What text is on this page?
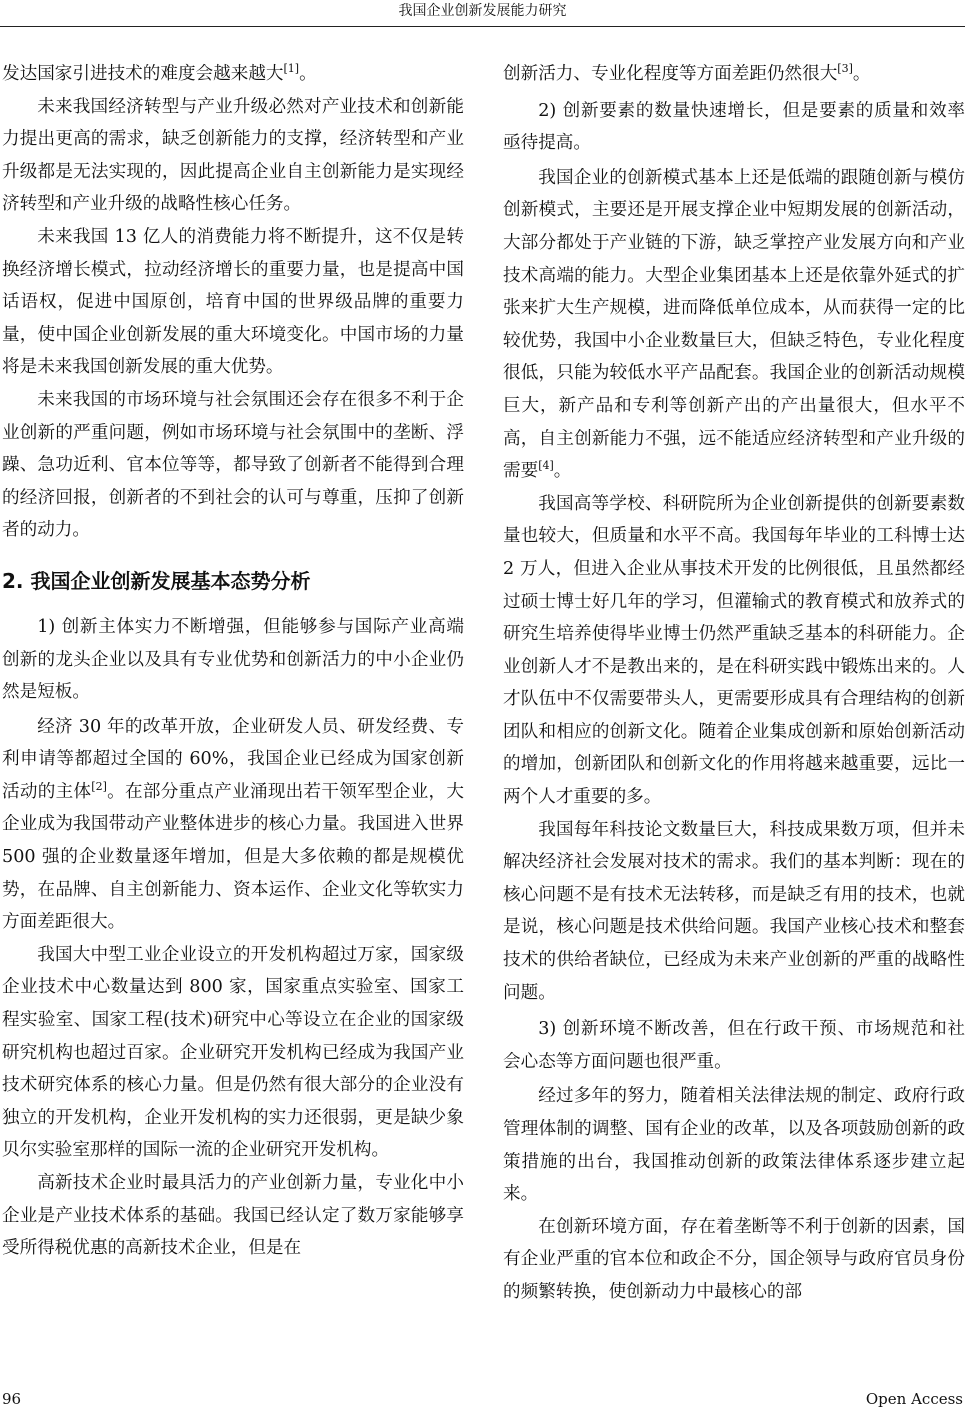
我国企业创新发展能力研究

发达国家引进技术的难度会越来越大[1]。

未来我国经济转型与产业升级必然对产业技术和创新能力提出更高的需求，缺乏创新能力的支撑，经济转型和产业升级都是无法实现的，因此提高企业自主创新能力是实现经济转型和产业升级的战略性核心任务。

未来我国 13 亿人的消费能力将不断提升，这不仅是转换经济增长模式，拉动经济增长的重要力量，也是提高中国话语权，促进中国原创，培育中国的世界级品牌的重要力量，使中国企业创新发展的重大环境变化。中国市场的力量将是未来我国创新发展的重大优势。

未来我国的市场环境与社会氛围还会存在很多不利于企业创新的严重问题，例如市场环境与社会氛围中的垄断、浮躁、急功近利、官本位等等，都导致了创新者不能得到合理的经济回报，创新者的不到社会的认可与尊重，压抑了创新者的动力。

2. 我国企业创新发展基本态势分析

1) 创新主体实力不断增强，但能够参与国际产业高端创新的龙头企业以及具有专业优势和创新活力的中小企业仍然是短板。

经济 30 年的改革开放，企业研发人员、研发经费、专利申请等都超过全国的 60%，我国企业已经成为国家创新活动的主体[2]。在部分重点产业涌现出若干领军型企业，大企业成为我国带动产业整体进步的核心力量。我国进入世界 500 强的企业数量逐年增加，但是大多依赖的都是规模优势，在品牌、自主创新能力、资本运作、企业文化等软实力方面差距很大。

我国大中型工业企业设立的开发机构超过万家，国家级企业技术中心数量达到 800 家，国家重点实验室、国家工程实验室、国家工程(技术)研究中心等设立在企业的国家级研究机构也超过百家。企业研究开发机构已经成为我国产业技术研究体系的核心力量。但是仍然有很大部分的企业没有独立的开发机构，企业开发机构的实力还很弱，更是缺少象贝尔实验室那样的国际一流的企业研究开发机构。

高新技术企业时最具活力的产业创新力量，专业化中小企业是产业技术体系的基础。我国已经认定了数万家能够享受所得税优惠的高新技术企业，但是在

创新活力、专业化程度等方面差距仍然很大[3]。

2) 创新要素的数量快速增长，但是要素的质量和效率亟待提高。

我国企业的创新模式基本上还是低端的跟随创新与模仿创新模式，主要还是开展支撑企业中短期发展的创新活动，大部分都处于产业链的下游，缺乏掌控产业发展方向和产业技术高端的能力。大型企业集团基本上还是依靠外延式的扩张来扩大生产规模，进而降低单位成本，从而获得一定的比较优势，我国中小企业数量巨大，但缺乏特色，专业化程度很低，只能为较低水平产品配套。我国企业的创新活动规模巨大，新产品和专利等创新产出的产出量很大，但水平不高，自主创新能力不强，远不能适应经济转型和产业升级的需要[4]。

我国高等学校、科研院所为企业创新提供的创新要素数量也较大，但质量和水平不高。我国每年毕业的工科博士达 2 万人，但进入企业从事技术开发的比例很低，且虽然都经过硕士博士好几年的学习，但灌输式的教育模式和放养式的研究生培养使得毕业博士仍然严重缺乏基本的科研能力。企业创新人才不是教出来的，是在科研实践中锻炼出来的。人才队伍中不仅需要带头人，更需要形成具有合理结构的创新团队和相应的创新文化。随着企业集成创新和原始创新活动的增加，创新团队和创新文化的作用将越来越重要，远比一两个人才重要的多。

我国每年科技论文数量巨大，科技成果数万项，但并未解决经济社会发展对技术的需求。我们的基本判断：现在的核心问题不是有技术无法转移，而是缺乏有用的技术，也就是说，核心问题是技术供给问题。我国产业核心技术和整套技术的供给者缺位，已经成为未来产业创新的严重的战略性问题。

3) 创新环境不断改善，但在行政干预、市场规范和社会心态等方面问题也很严重。

经过多年的努力，随着相关法律法规的制定、政府行政管理体制的调整、国有企业的改革，以及各项鼓励创新的政策措施的出台，我国推动创新的政策法律体系逐步建立起来。

在创新环境方面，存在着垄断等不利于创新的因素，国有企业严重的官本位和政企不分，国企领导与政府官员身份的频繁转换，使创新动力中最核心的部

96	Open Access
